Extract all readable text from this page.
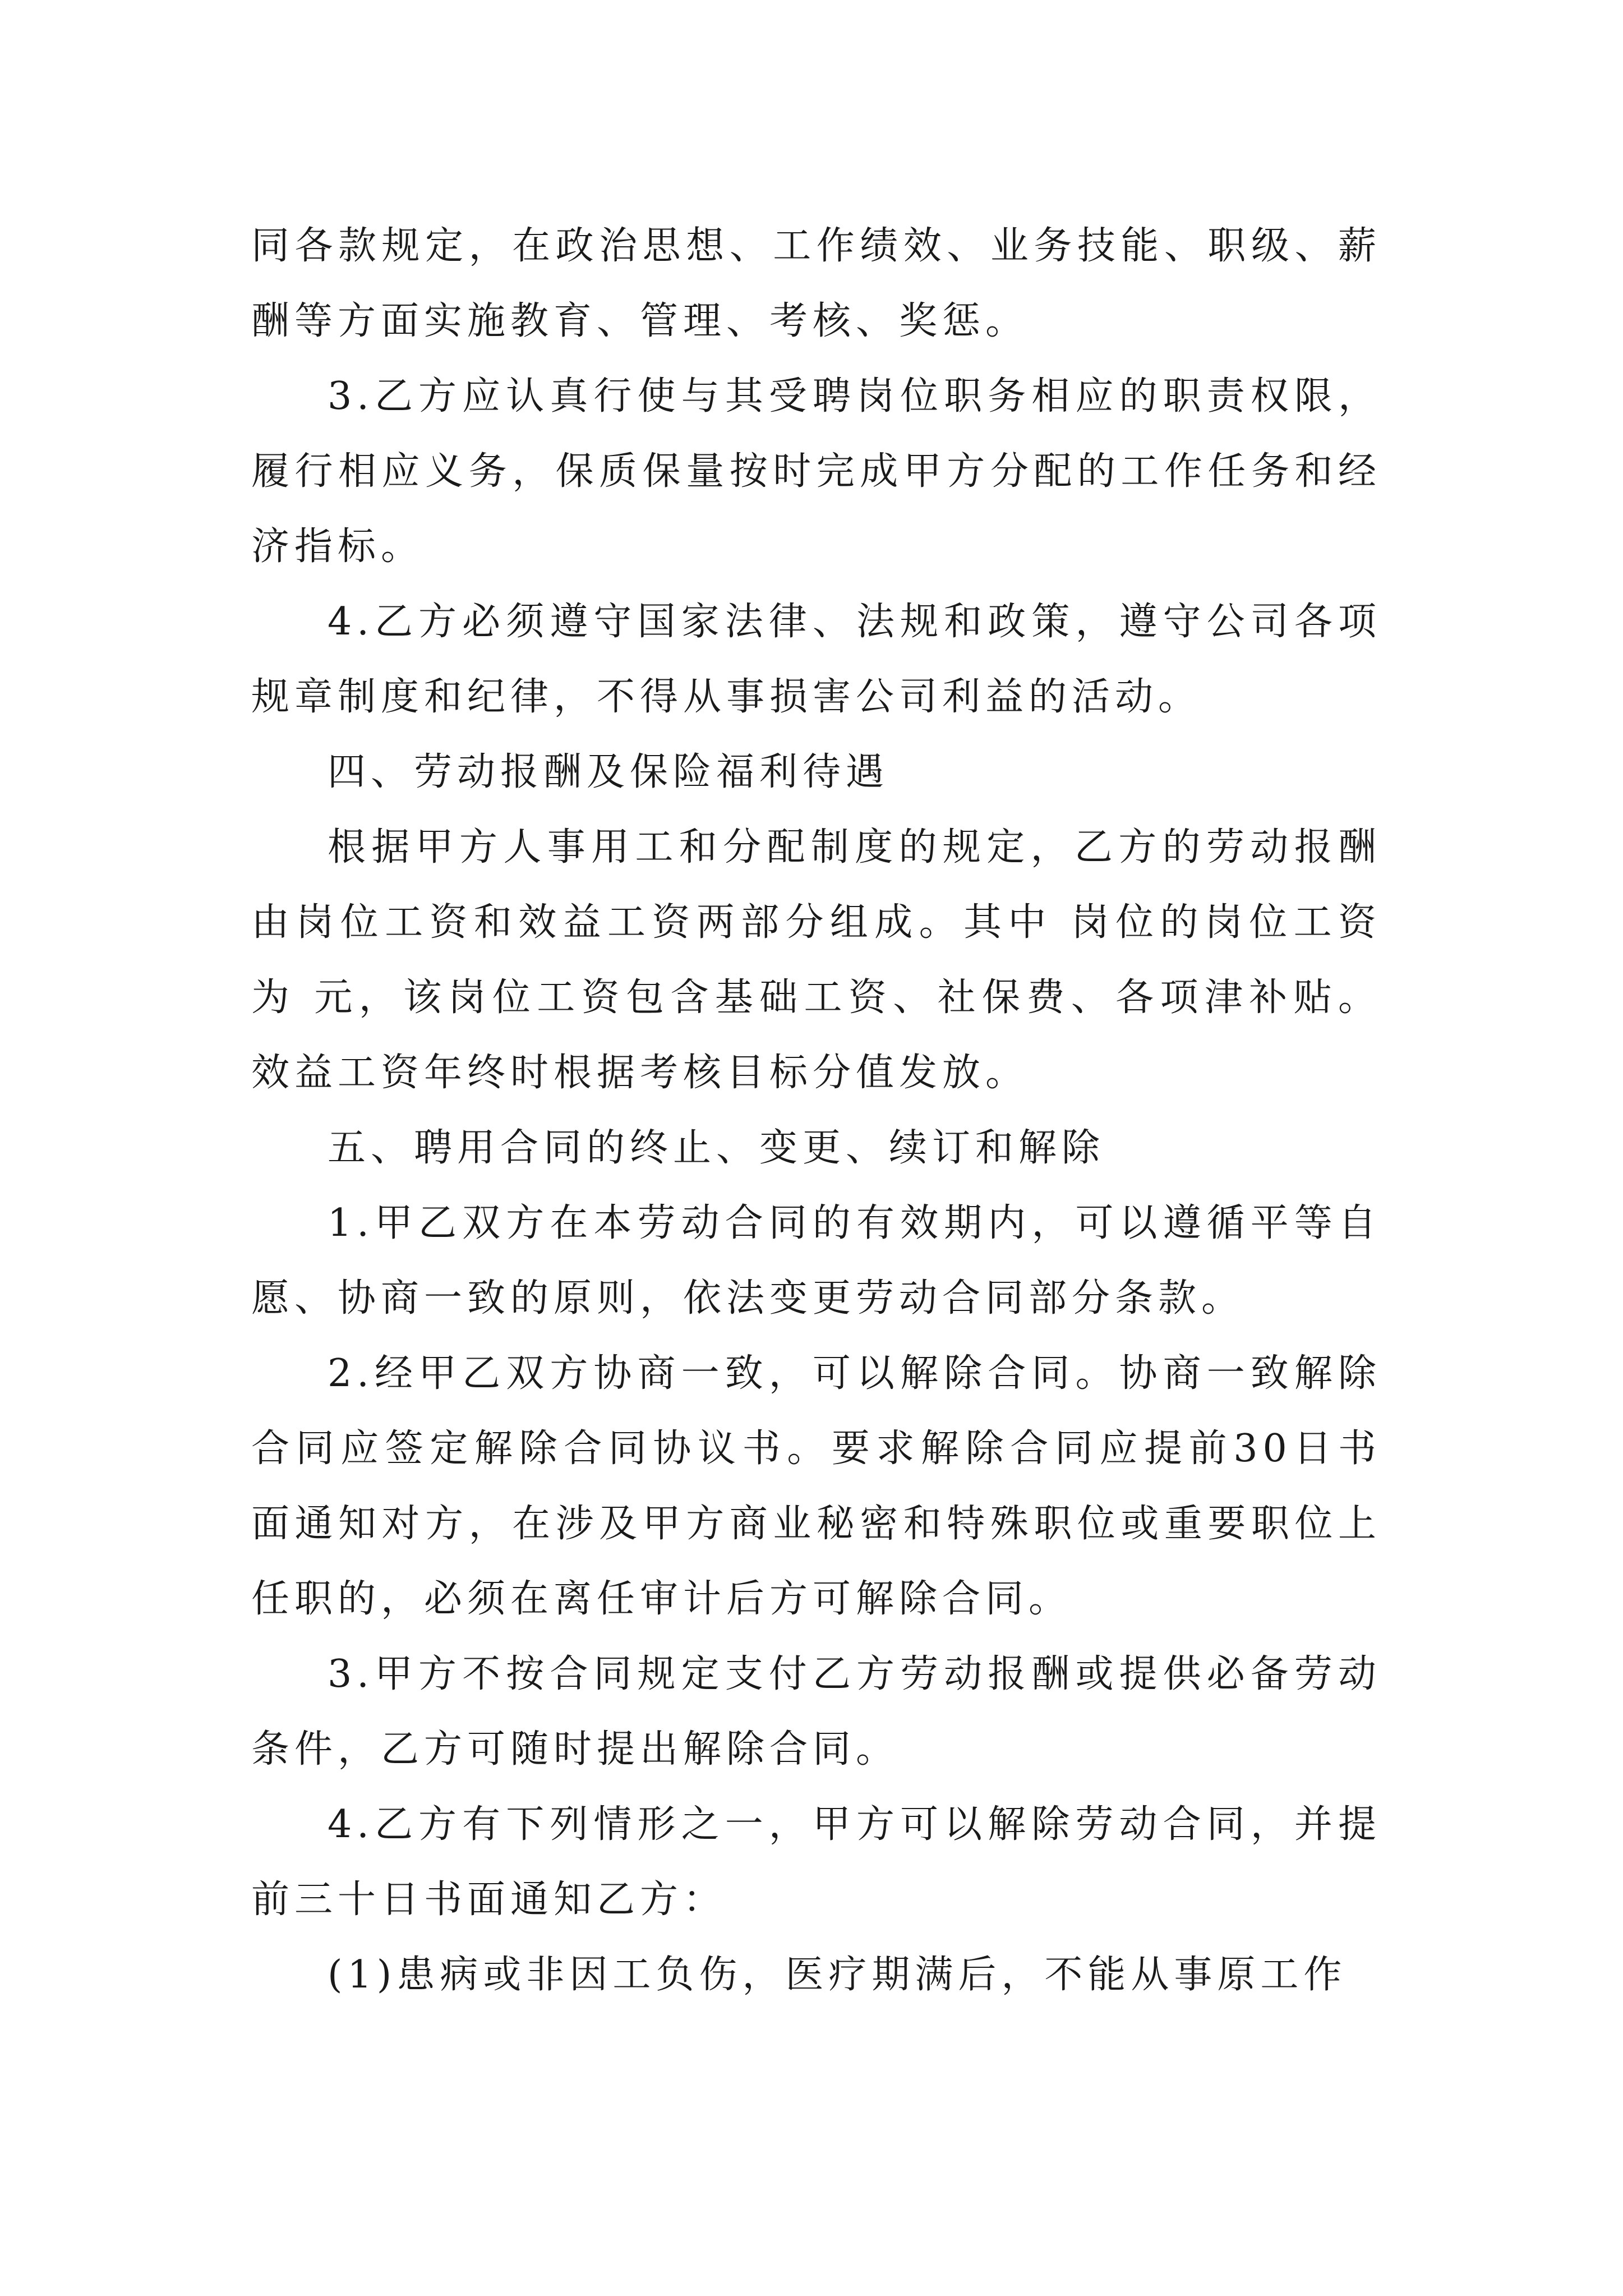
同各款规定，在政治思想、工作绩效、业务技能、职级、薪酬等方面实施教育、管理、考核、奖惩。

3.乙方应认真行使与其受聘岗位职务相应的职责权限，履行相应义务，保质保量按时完成甲方分配的工作任务和经济指标。

4.乙方必须遵守国家法律、法规和政策，遵守公司各项规章制度和纪律，不得从事损害公司利益的活动。

四、劳动报酬及保险福利待遇

根据甲方人事用工和分配制度的规定，乙方的劳动报酬由岗位工资和效益工资两部分组成。其中 岗位的岗位工资为 元，该岗位工资包含基础工资、社保费、各项津补贴。效益工资年终时根据考核目标分值发放。

五、聘用合同的终止、变更、续订和解除

1.甲乙双方在本劳动合同的有效期内，可以遵循平等自愿、协商一致的原则，依法变更劳动合同部分条款。

2.经甲乙双方协商一致，可以解除合同。协商一致解除合同应签定解除合同协议书。要求解除合同应提前30日书面通知对方，在涉及甲方商业秘密和特殊职位或重要职位上任职的，必须在离任审计后方可解除合同。

3.甲方不按合同规定支付乙方劳动报酬或提供必备劳动条件，乙方可随时提出解除合同。

4.乙方有下列情形之一，甲方可以解除劳动合同，并提前三十日书面通知乙方：

(1)患病或非因工负伤，医疗期满后，不能从事原工作
